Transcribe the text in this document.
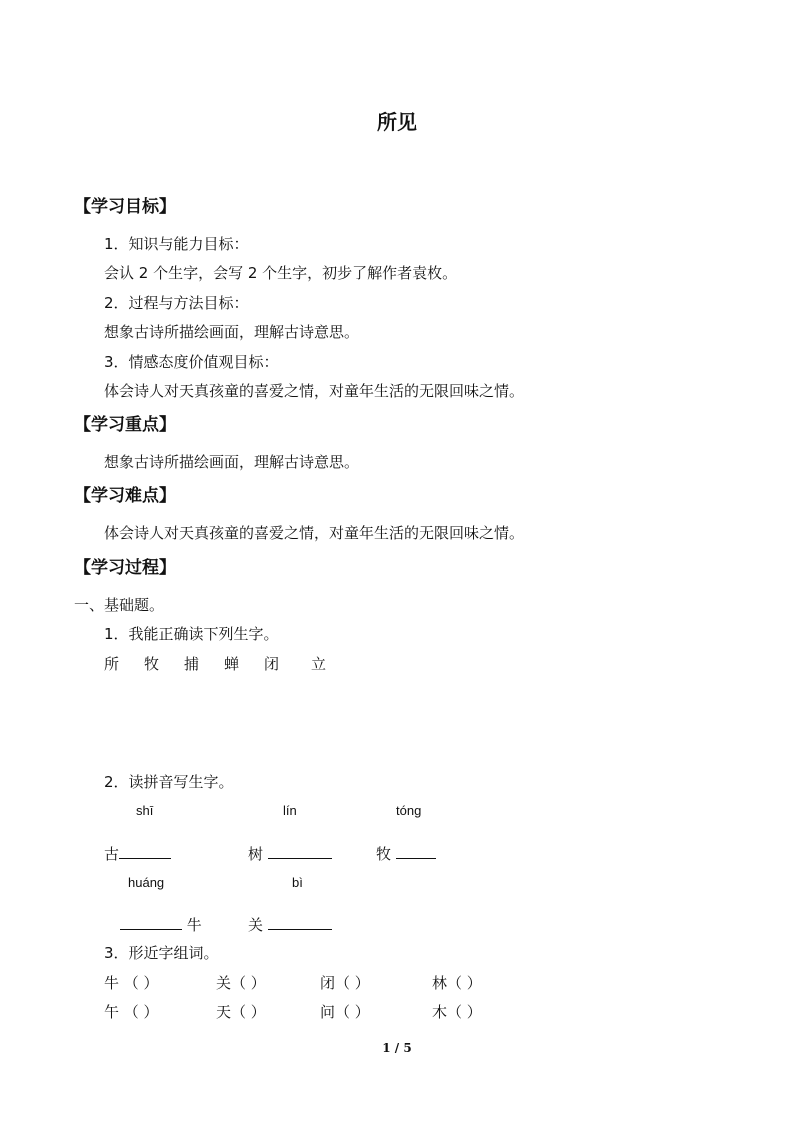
所见
【学习目标】
1．知识与能力目标：
会认 2 个生字，会写 2 个生字，初步了解作者袁枚。
2．过程与方法目标：
想象古诗所描绘画面，理解古诗意思。
3．情感态度价值观目标：
体会诗人对天真孩童的喜爱之情，对童年生活的无限回味之情。
【学习重点】
想象古诗所描绘画面，理解古诗意思。
【学习难点】
体会诗人对天真孩童的喜爱之情，对童年生活的无限回味之情。
【学习过程】
一、基础题。
1．我能正确读下列生字。
所 牧 捕 蝉 闭 立
2．读拼音写生字。
shī	lín	tóng
古	树	牧
huáng	bì
牛	关
3．形近字组词。
牛 （ ）	关（ ）	闭（ ）	林（ ）
午 （ ）	天（ ）	问（ ）	木（ ）
1 / 5
